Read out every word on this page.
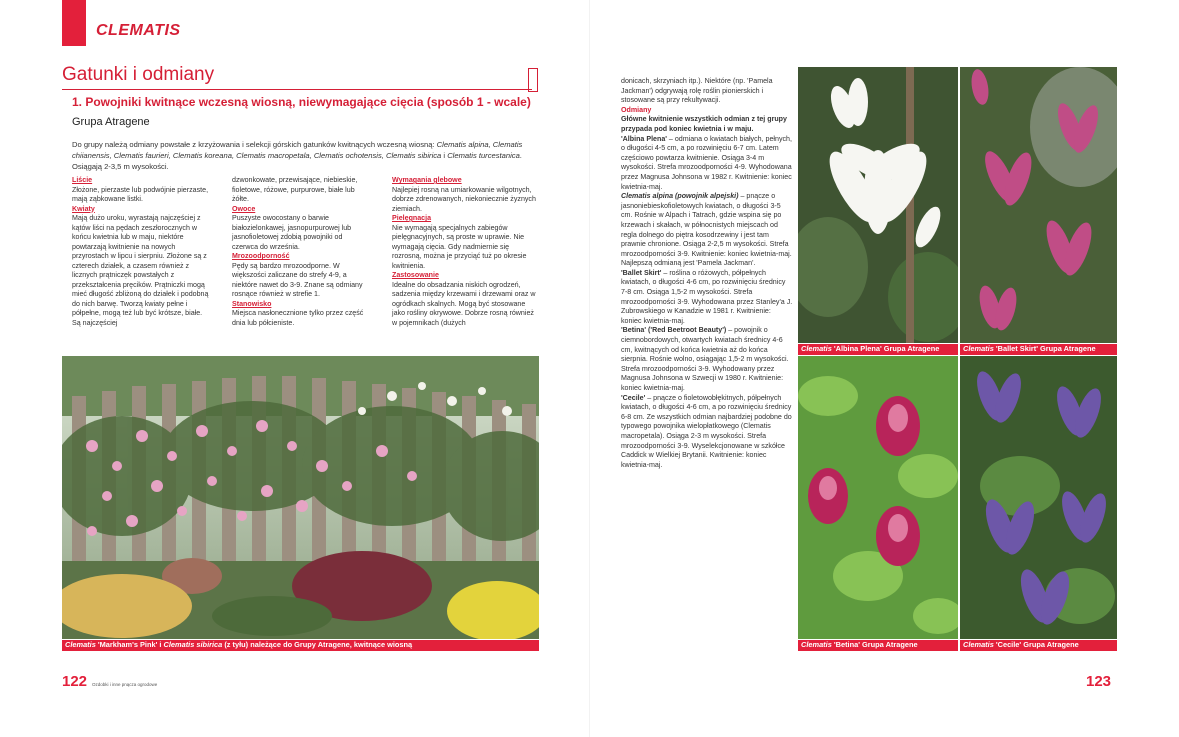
CLEMATIS
Gatunki i odmiany
1. Powojniki kwitnące wczesną wiosną, niewymagające cięcia (sposób 1 - wcale)
Grupa Atragene
Do grupy należą odmiany powstałe z krzyżowania i selekcji górskich gatunków kwitnących wczesną wiosną: Clematis alpina, Clematis chiianensis, Clematis faurieri, Clematis koreana, Clematis macropetala, Clematis ochotensis, Clematis sibirica i Clematis turcestanica. Osiągają 2-3,5 m wysokości.
Liście

Złożone, pierzaste lub podwójnie pierzaste, mają ząbkowane listki.

Kwiaty

Mają dużo uroku, wyrastają najczęściej z kątów liści na pędach zeszłorocznych w końcu kwietnia lub w maju, niektóre powtarzają kwitnienie na nowych przyrostach w lipcu i sierpniu. Złożone są z czterech działek, a czasem również z licznych prątnicze̜k powstałych z przekształcenia pręcików. Prątniczki mogą mieć długość zbliżoną do działek i podobną do nich barwę. Tworzą kwiaty pełne i półpełne, mogą też lub być krótsze, białe. Są najczęściej

dzwonkowate, przewisające, niebieskie, fioletowe, różowe, purpurowe, białe lub żółte.

Owoce

Puszyste owocostany o barwie białozielonkawej, jasnopurpurowej lub jasnofioletowej zdobią powojniki od czerwca do września.

Mrozoodporność

Pędy są bardzo mrozoodporne. W większości zaliczane do strefy 4-9, a niektóre nawet do 3-9. Znane są odmiany rosnące również w strefie 1.

Stanowisko

Miejsca nasłonecznione tylko przez część dnia lub półcieniste.

Wymagania glebowe

Najlepiej rosną na umiarkowanie wilgotnych, dobrze zdrenowanych, niekoniecznie żyznych ziemiach.

Pielęgnacja

Nie wymagają specjalnych zabiegów pielęgnacyjnych, są proste w uprawie. Nie wymagają cięcia. Gdy nadmiernie się rozrosną, można je przyciąć tuż po okresie kwitnienia.

Zastosowanie

Idealne do obsadzania niskich ogrodzeń, sadzenia między krzewami i drzewami oraz w ogródkach skalnych. Mogą być stosowane jako rośliny okrywowe. Dobrze rosną również w pojemnikach (dużych

Clematis 'Markham's Pink' i Clematis sibirica (z tyłu) należące do Grupy Atragene, kwitnące wiosną
122 Ozdobki i inne pnącza ogrodowe

donicach, skrzyniach itp.). Niektóre (np. 'Pamela Jackman') odgrywają rolę roślin pionierskich i stosowane są przy rekultywacji.

Odmiany

Główne kwitnienie wszystkich odmian z tej grupy przypada pod koniec kwietnia i w maju.

'Albina Plena' – odmiana o kwiatach białych, pełnych, o długości 4-5 cm, a po rozwinięciu 6-7 cm. Latem częściowo powtarza kwitnienie. Osiąga 3-4 m wysokości. Strefa mrozoodporności 4-9. Wyhodowana przez Magnusa Johnsona w 1982 r. Kwitnienie: koniec kwietnia-maj.

Clematis alpina (powojnik alpejski) – pnącze o jasnoniebieskofioletowych kwiatach, o długości 3-5 cm. Rośnie w Alpach i Tatrach, gdzie wspina się po krzewach i skałach, w północnistych miejscach od regla dolnego do piętra kosodrzewiny i jest tam prawnie chronione. Osiąga 2-2,5 m wysokości. Strefa mrozoodporności 3-9. Kwitnienie: koniec kwietnia-maj. Najlepszą odmianą jest 'Pamela Jackman'.

'Ballet Skirt' – roślina o różowych, półpełnych kwiatach, o długości 4-6 cm, po rozwinięciu średnicy 7-8 cm. Osiąga 1,5-2 m wysokości. Strefa mrozoodporności 3-9. Wyhodowana przez Stanley'a J. Zubrowskiego w Kanadzie w 1981 r. Kwitnienie: koniec kwietnia-maj.

'Betina' ('Red Beetroot Beauty') – powojnik o ciemnobordowych, otwartych kwiatach średnicy 4-6 cm, kwitnących od końca kwietnia aż do końca sierpnia. Rośnie wolno, osiągając 1,5-2 m wysokości. Strefa mrozoodporności 3-9. Wyhodowany przez Magnusa Johnsona w Szwecji w 1980 r. Kwitnienie: koniec kwietnia-maj.

'Cecile' – pnącze o fioletowobłękitnych, półpełnych kwiatach, o długości 4-6 cm, a po rozwinięciu średnicy 6-8 cm. Ze wszystkich odmian najbardziej podobne do typowego powojnika wielopłatkowego (Clematis macropetala). Osiąga 2-3 m wysokości. Strefa mrozoodporności 3-9. Wyselekcjonowane w szkółce Caddick w Wielkiej Brytanii. Kwitnienie: koniec kwietnia-maj.

Clematis 'Albina Plena' Grupa Atragene	Clematis 'Ballet Skirt' Grupa Atragene
Clematis 'Betina' Grupa Atragene	Clematis 'Cecile' Grupa Atragene
123
